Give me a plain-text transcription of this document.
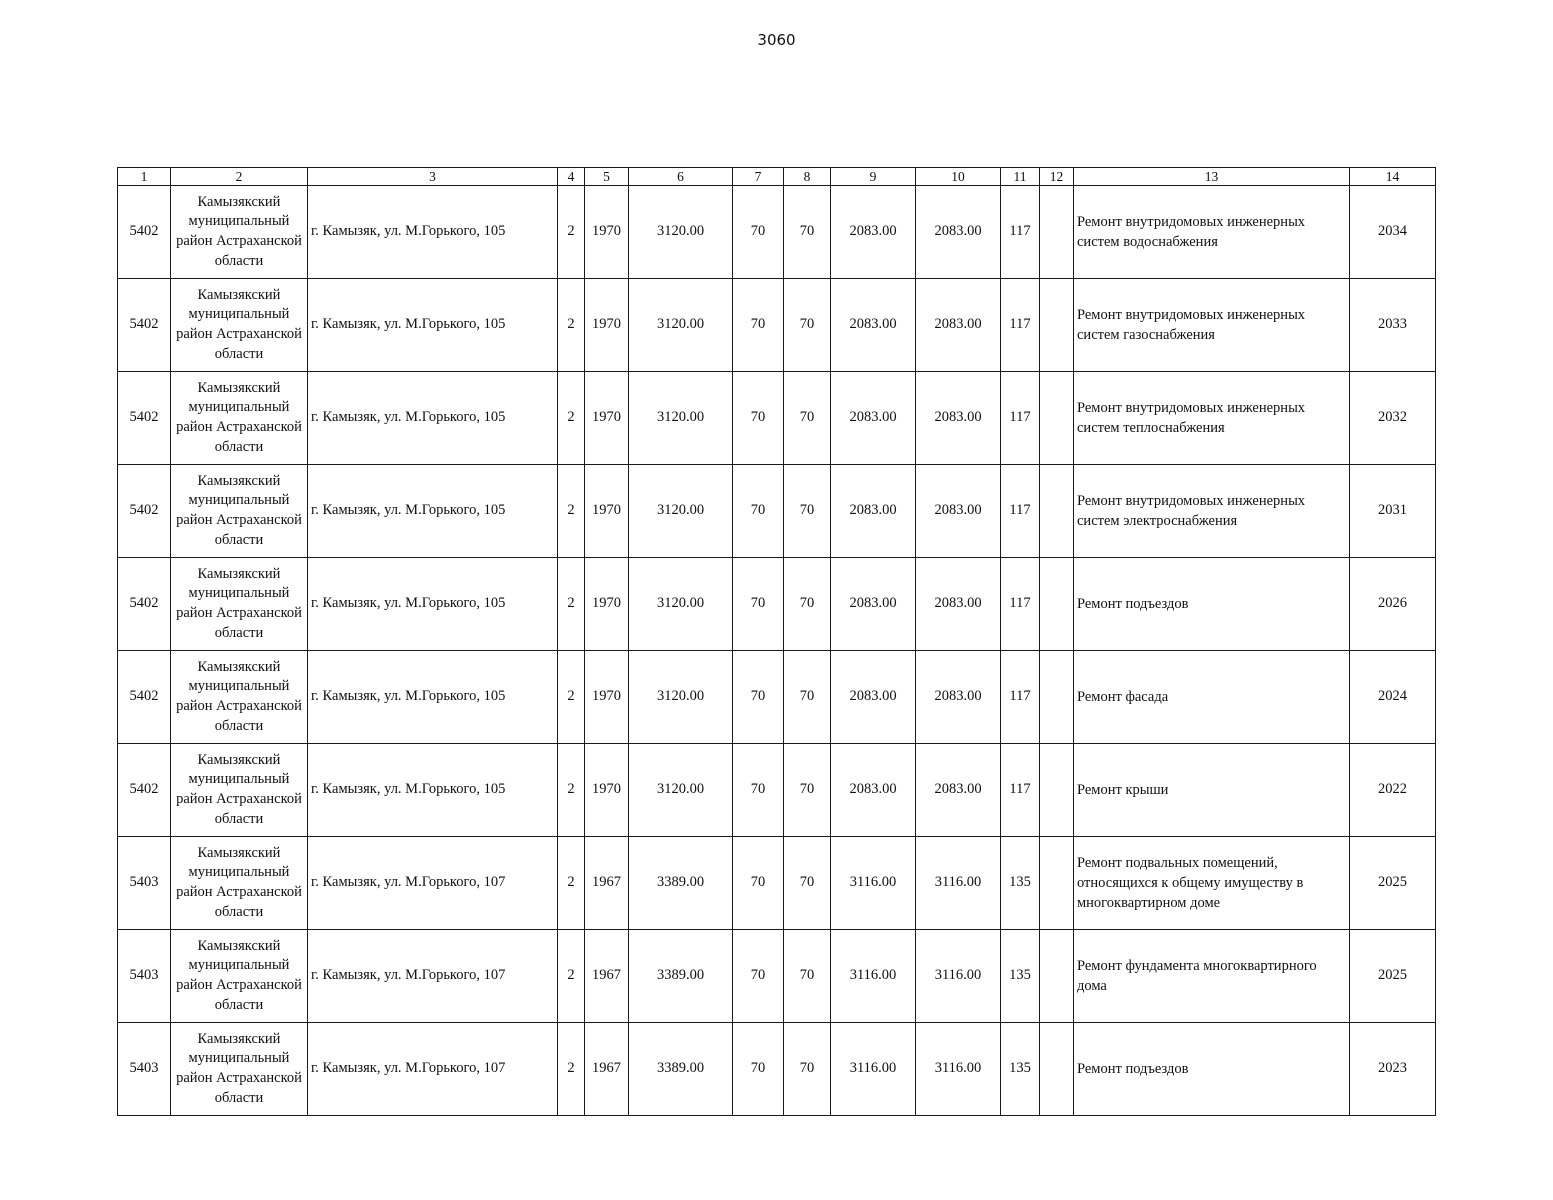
3060
1	2	3	4	5	6	7	8	9	10	11	12	13	14
5402	Камызякский муниципальный район Астраханской области	г. Камызяк, ул. М.Горького, 105	2	1970	3120.00	70	70	2083.00	2083.00	117		Ремонт внутридомовых инженерных систем водоснабжения	2034
5402	Камызякский муниципальный район Астраханской области	г. Камызяк, ул. М.Горького, 105	2	1970	3120.00	70	70	2083.00	2083.00	117		Ремонт внутридомовых инженерных систем газоснабжения	2033
5402	Камызякский муниципальный район Астраханской области	г. Камызяк, ул. М.Горького, 105	2	1970	3120.00	70	70	2083.00	2083.00	117		Ремонт внутридомовых инженерных систем теплоснабжения	2032
5402	Камызякский муниципальный район Астраханской области	г. Камызяк, ул. М.Горького, 105	2	1970	3120.00	70	70	2083.00	2083.00	117		Ремонт внутридомовых инженерных систем электроснабжения	2031
5402	Камызякский муниципальный район Астраханской области	г. Камызяк, ул. М.Горького, 105	2	1970	3120.00	70	70	2083.00	2083.00	117		Ремонт подъездов	2026
5402	Камызякский муниципальный район Астраханской области	г. Камызяк, ул. М.Горького, 105	2	1970	3120.00	70	70	2083.00	2083.00	117		Ремонт фасада	2024
5402	Камызякский муниципальный район Астраханской области	г. Камызяк, ул. М.Горького, 105	2	1970	3120.00	70	70	2083.00	2083.00	117		Ремонт крыши	2022
5403	Камызякский муниципальный район Астраханской области	г. Камызяк, ул. М.Горького, 107	2	1967	3389.00	70	70	3116.00	3116.00	135		Ремонт подвальных помещений, относящихся к общему имуществу в многоквартирном доме	2025
5403	Камызякский муниципальный район Астраханской области	г. Камызяк, ул. М.Горького, 107	2	1967	3389.00	70	70	3116.00	3116.00	135		Ремонт фундамента многоквартирного дома	2025
5403	Камызякский муниципальный район Астраханской области	г. Камызяк, ул. М.Горького, 107	2	1967	3389.00	70	70	3116.00	3116.00	135		Ремонт подъездов	2023
